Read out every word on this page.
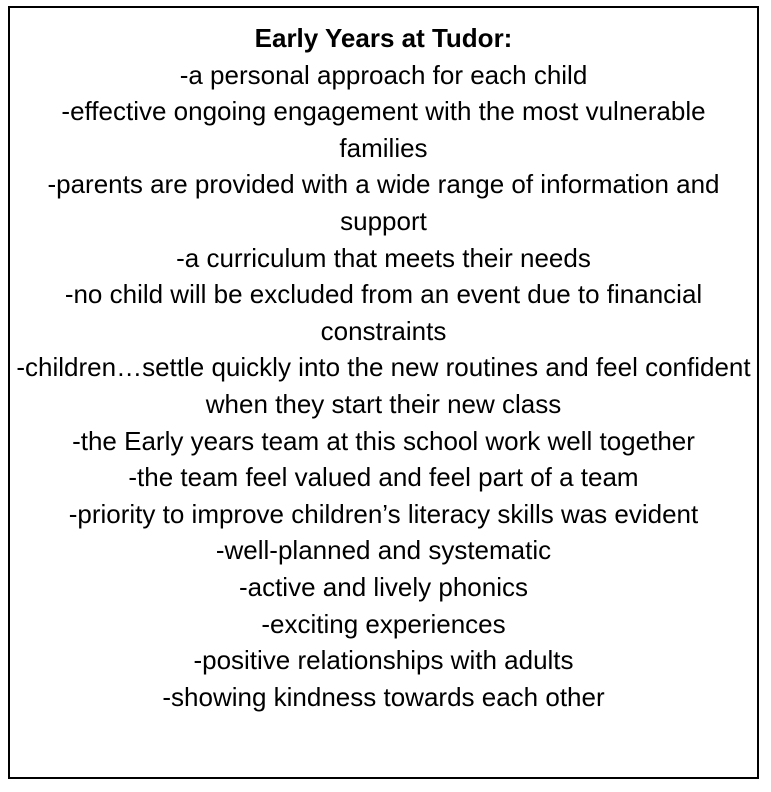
Early Years at Tudor:
-a personal approach for each child
-effective ongoing engagement with the most vulnerable families
-parents are provided with a wide range of information and support
-a curriculum that meets their needs
-no child will be excluded from an event due to financial constraints
-children…settle quickly into the new routines and feel confident when they start their new class
-the Early years team at this school work well together
-the team feel valued and feel part of a team
-priority to improve children’s literacy skills was evident
-well-planned and systematic
-active and lively phonics
-exciting experiences
-positive relationships with adults
-showing kindness towards each other
